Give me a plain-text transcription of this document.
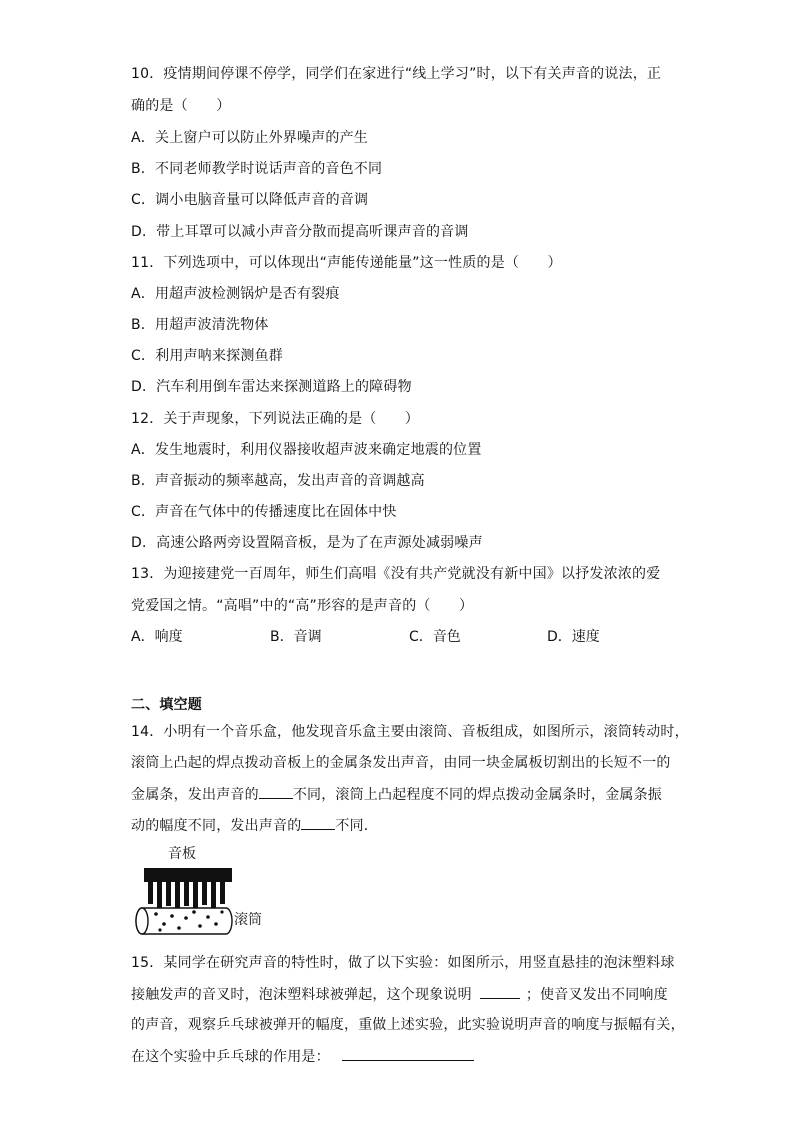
10．疫情期间停课不停学，同学们在家进行“线上学习”时，以下有关声音的说法，正
确的是（　　）
A．关上窗户可以防止外界噪声的产生
B．不同老师教学时说话声音的音色不同
C．调小电脑音量可以降低声音的音调
D．带上耳罩可以减小声音分散而提高听课声音的音调
11．下列选项中，可以体现出“声能传递能量”这一性质的是（　　）
A．用超声波检测锅炉是否有裂痕
B．用超声波清洗物体
C．利用声呐来探测鱼群
D．汽车利用倒车雷达来探测道路上的障碍物
12．关于声现象，下列说法正确的是（　　）
A．发生地震时，利用仪器接收超声波来确定地震的位置
B．声音振动的频率越高，发出声音的音调越高
C．声音在气体中的传播速度比在固体中快
D．高速公路两旁设置隔音板，是为了在声源处减弱噪声
13．为迎接建党一百周年，师生们高唱《没有共产党就没有新中国》以抒发浓浓的爱
党爱国之情。“高唱”中的“高”形容的是声音的（　　）
A．响度	B．音调	C．音色	D．速度
二、填空题
14．小明有一个音乐盒，他发现音乐盒主要由滚筒、音板组成，如图所示，滚筒转动时，
滚筒上凸起的焊点拨动音板上的金属条发出声音，由同一块金属板切割出的长短不一的
金属条，发出声音的 不同，滚筒上凸起程度不同的焊点拨动金属条时，金属条振
动的幅度不同，发出声音的 不同．
音板
滚筒
15．某同学在研究声音的特性时，做了以下实验：如图所示，用竖直悬挂的泡沫塑料球
接触发声的音叉时，泡沫塑料球被弹起，这个现象说明	；使音叉发出不同响度
的声音，观察乒乓球被弹开的幅度，重做上述实验，此实验说明声音的响度与振幅有关，
在这个实验中乒乓球的作用是：
